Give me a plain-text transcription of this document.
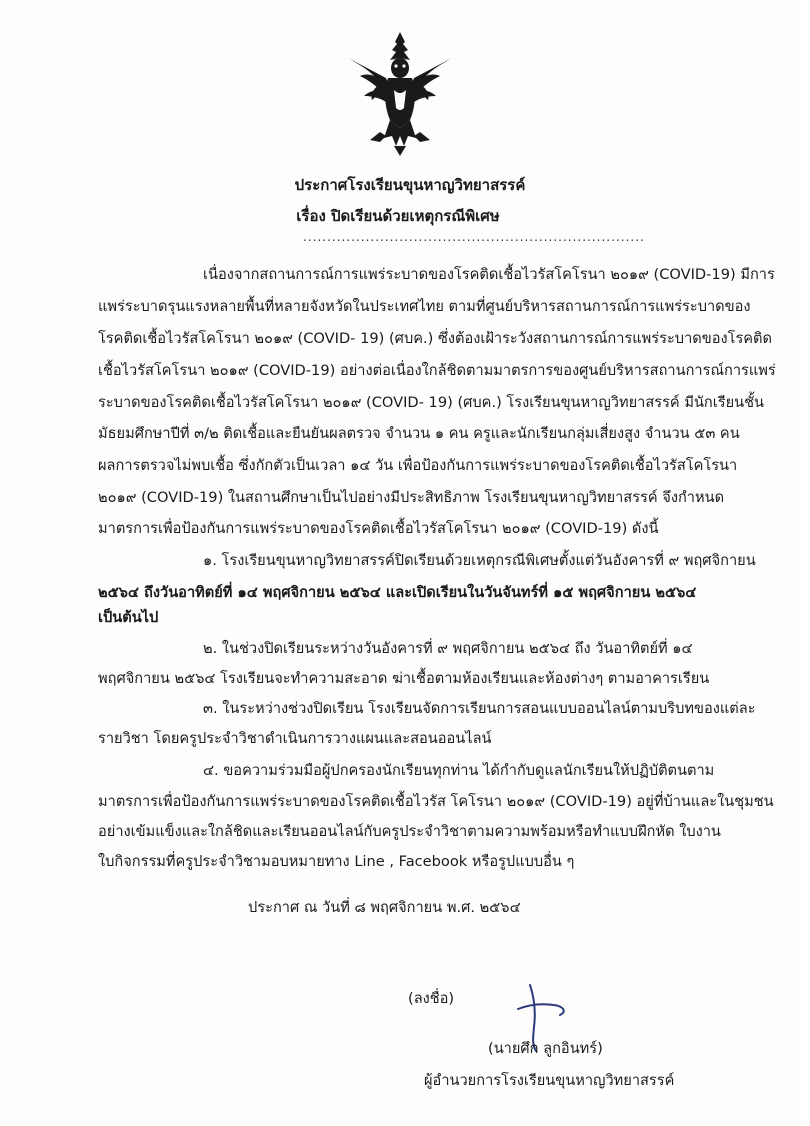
ประกาศโรงเรียนขุนหาญวิทยาสรรค์
เรื่อง ปิดเรียนด้วยเหตุกรณีพิเศษ
.......................................................................
เนื่องจากสถานการณ์การแพร่ระบาดของโรคติดเชื้อไวรัสโคโรนา ๒๐๑๙ (COVID-19) มีการ
แพร่ระบาดรุนแรงหลายพื้นที่หลายจังหวัดในประเทศไทย ตามที่ศูนย์บริหารสถานการณ์การแพร่ระบาดของ
โรคติดเชื้อไวรัสโคโรนา ๒๐๑๙ (COVID- 19) (ศบค.) ซึ่งต้องเฝ้าระวังสถานการณ์การแพร่ระบาดของโรคติด
เชื้อไวรัสโคโรนา ๒๐๑๙ (COVID-19) อย่างต่อเนื่องใกล้ชิดตามมาตรการของศูนย์บริหารสถานการณ์การแพร่
ระบาดของโรคติดเชื้อไวรัสโคโรนา ๒๐๑๙ (COVID- 19) (ศบค.) โรงเรียนขุนหาญวิทยาสรรค์ มีนักเรียนชั้น
มัธยมศึกษาปีที่ ๓/๒ ติดเชื้อและยืนยันผลตรวจ จำนวน ๑ คน ครูและนักเรียนกลุ่มเสี่ยงสูง จำนวน ๕๓ คน
ผลการตรวจไม่พบเชื้อ ซึ่งกักตัวเป็นเวลา ๑๔ วัน เพื่อป้องกันการแพร่ระบาดของโรคติดเชื้อไวรัสโคโรนา
๒๐๑๙ (COVID-19) ในสถานศึกษาเป็นไปอย่างมีประสิทธิภาพ โรงเรียนขุนหาญวิทยาสรรค์ จึงกำหนด
มาตรการเพื่อป้องกันการแพร่ระบาดของโรคติดเชื้อไวรัสโคโรนา ๒๐๑๙ (COVID-19) ดังนี้
๑. โรงเรียนขุนหาญวิทยาสรรค์ปิดเรียนด้วยเหตุกรณีพิเศษตั้งแต่วันอังคารที่ ๙ พฤศจิกายน
๒๕๖๔ ถึงวันอาทิตย์ที่ ๑๔ พฤศจิกายน ๒๕๖๔ และเปิดเรียนในวันจันทร์ที่ ๑๕ พฤศจิกายน ๒๕๖๔
เป็นต้นไป
๒. ในช่วงปิดเรียนระหว่างวันอังคารที่ ๙ พฤศจิกายน ๒๕๖๔ ถึง วันอาทิตย์ที่ ๑๔
พฤศจิกายน ๒๕๖๔ โรงเรียนจะทำความสะอาด ฆ่าเชื้อตามห้องเรียนและห้องต่างๆ ตามอาคารเรียน
๓. ในระหว่างช่วงปิดเรียน โรงเรียนจัดการเรียนการสอนแบบออนไลน์ตามบริบทของแต่ละ
รายวิชา โดยครูประจำวิชาดำเนินการวางแผนและสอนออนไลน์
๔. ขอความร่วมมือผู้ปกครองนักเรียนทุกท่าน ได้กำกับดูแลนักเรียนให้ปฏิบัติตนตาม
มาตรการเพื่อป้องกันการแพร่ระบาดของโรคติดเชื้อไวรัส โคโรนา ๒๐๑๙ (COVID-19) อยู่ที่บ้านและในชุมชน
อย่างเข้มแข็งและใกล้ชิดและเรียนออนไลน์กับครูประจำวิชาตามความพร้อมหรือทำแบบฝึกหัด ใบงาน
ใบกิจกรรมที่ครูประจำวิชามอบหมายทาง Line , Facebook หรือรูปแบบอื่น ๆ
ประกาศ ณ วันที่ ๘ พฤศจิกายน พ.ศ. ๒๕๖๔
(ลงชื่อ)
(นายศึก ลูกอินทร์)
ผู้อำนวยการโรงเรียนขุนหาญวิทยาสรรค์
